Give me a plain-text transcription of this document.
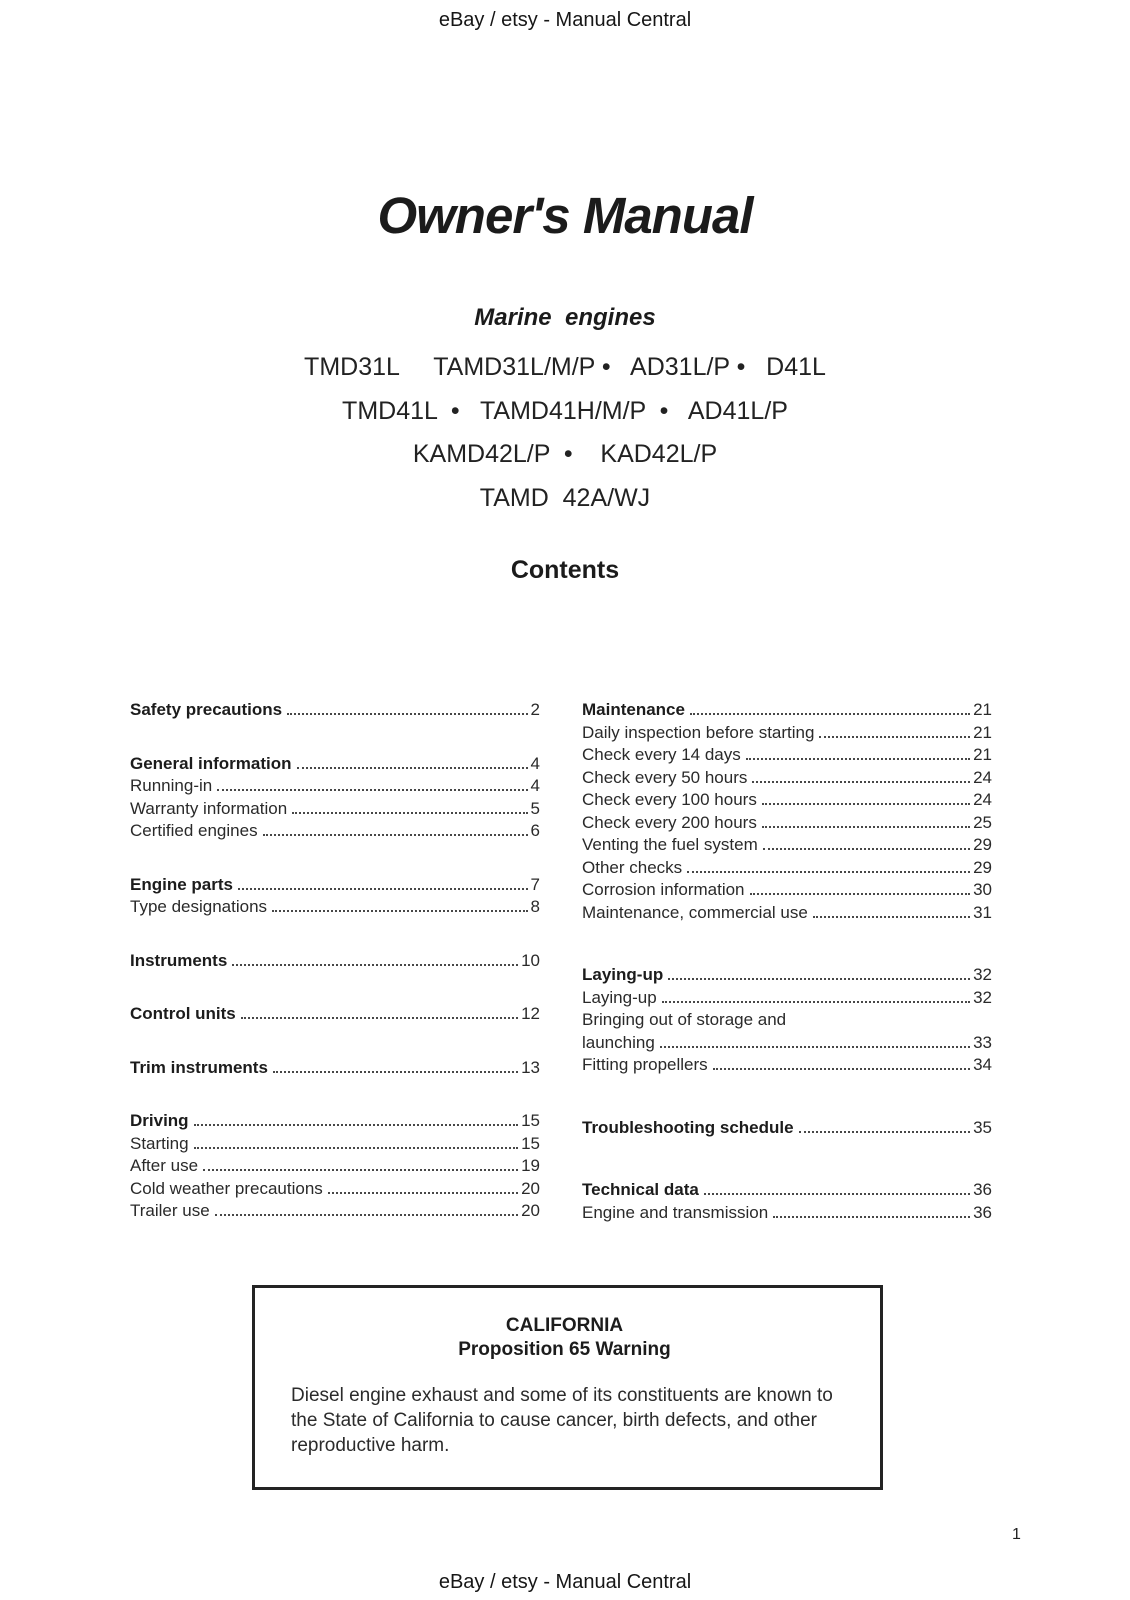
eBay / etsy - Manual Central
Owner's Manual
Marine  engines
TMD31L     TAMD31L/M/P •   AD31L/P •   D41L
TMD41L  •   TAMD41H/M/P  •   AD41L/P
KAMD42L/P  •    KAD42L/P
TAMD  42A/WJ
Contents
Safety precautions	2
General information	4
Running-in	4
Warranty information	5
Certified engines	6
Engine parts	7
Type designations	8
Instruments	10
Control units	12
Trim instruments	13
Driving	15
Starting	15
After use	19
Cold weather precautions	20
Trailer use	20
Maintenance	21
Daily inspection before starting	21
Check every 14 days	21
Check every 50 hours	24
Check every 100 hours	24
Check every 200 hours	25
Venting the fuel system	29
Other checks	29
Corrosion information	30
Maintenance, commercial use	31
Laying-up	32
Laying-up	32
Bringing out of storage and
launching	33
Fitting propellers	34
Troubleshooting schedule	35
Technical data	36
Engine and transmission	36
CALIFORNIA
Proposition 65 Warning

Diesel engine exhaust and some of its constituents are known to the State of California to cause cancer, birth defects, and other reproductive harm.

1
eBay / etsy - Manual Central
